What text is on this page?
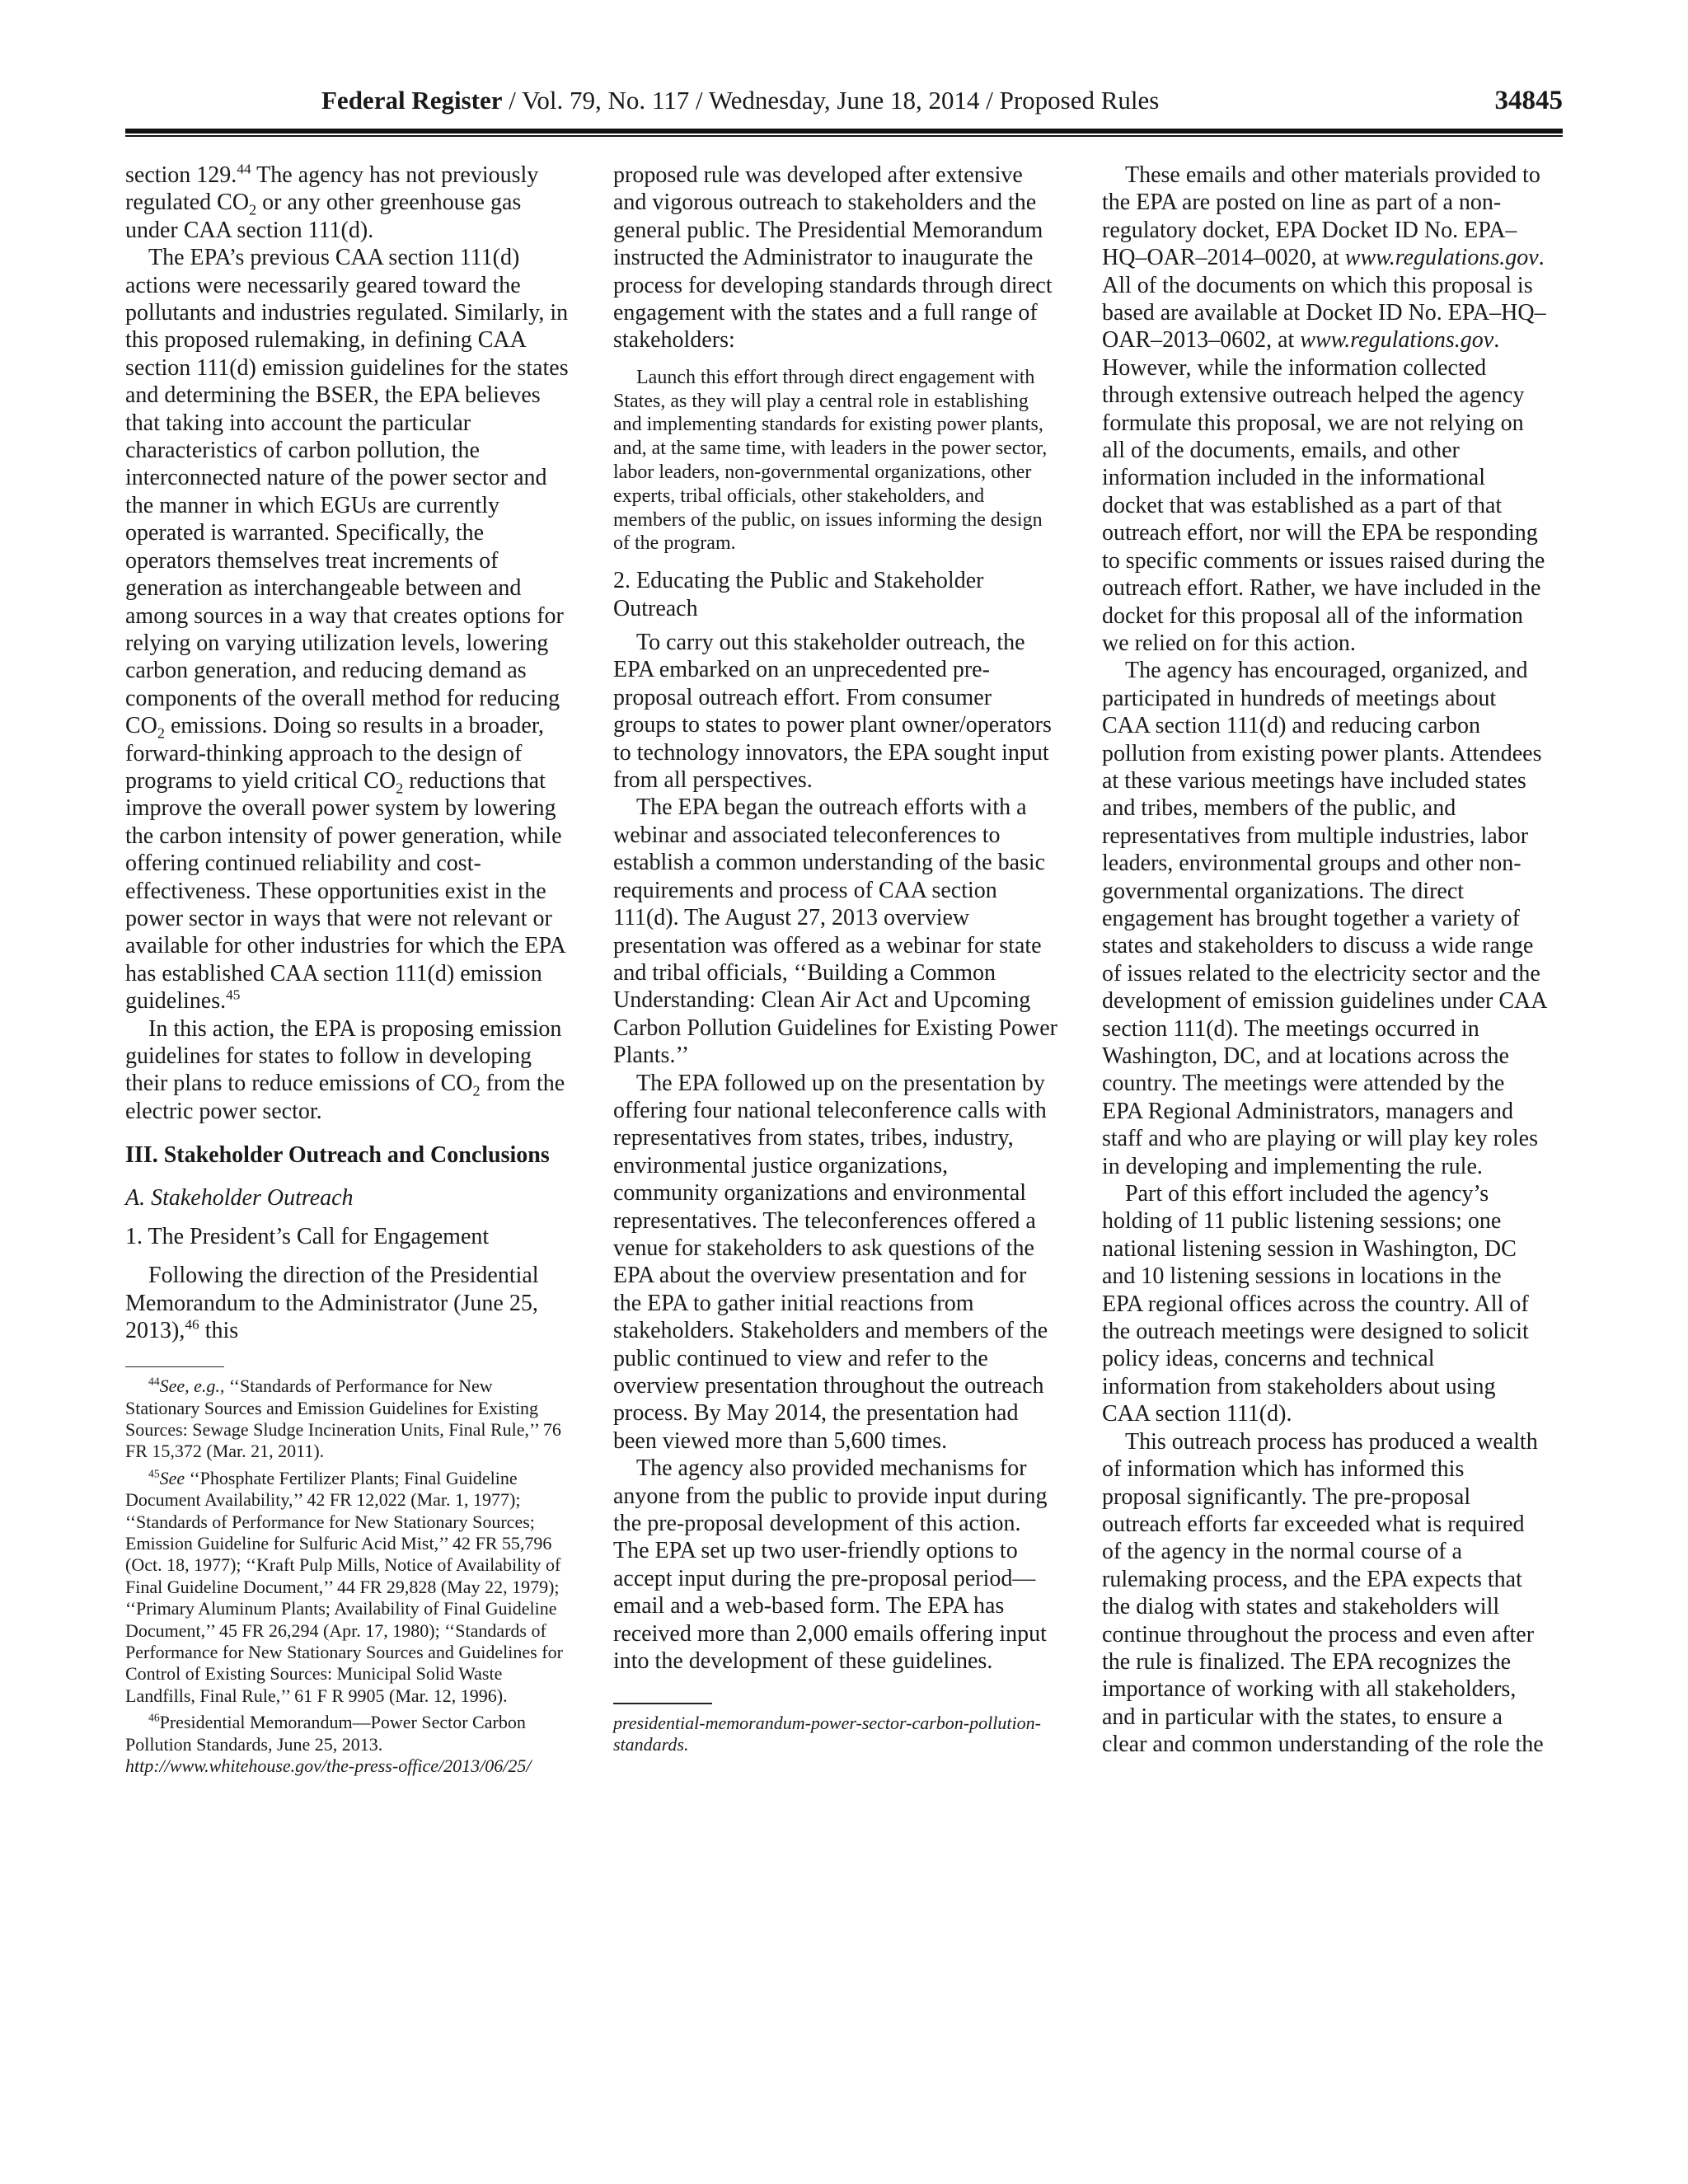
Federal Register / Vol. 79, No. 117 / Wednesday, June 18, 2014 / Proposed Rules	34845

section 129.44 The agency has not previously regulated $CO_2$ or any other greenhouse gas under CAA section 111(d).

The EPA’s previous CAA section 111(d) actions were necessarily geared toward the pollutants and industries regulated. Similarly, in this proposed rulemaking, in defining CAA section 111(d) emission guidelines for the states and determining the BSER, the EPA believes that taking into account the particular characteristics of carbon pollution, the interconnected nature of the power sector and the manner in which EGUs are currently operated is warranted. Specifically, the operators themselves treat increments of generation as interchangeable between and among sources in a way that creates options for relying on varying utilization levels, lowering carbon generation, and reducing demand as components of the overall method for reducing $CO_2$ emissions. Doing so results in a broader, forward-thinking approach to the design of programs to yield critical $CO_2$ reductions that improve the overall power system by lowering the carbon intensity of power generation, while offering continued reliability and cost-effectiveness. These opportunities exist in the power sector in ways that were not relevant or available for other industries for which the EPA has established CAA section 111(d) emission guidelines.$^{45}$

In this action, the EPA is proposing emission guidelines for states to follow in developing their plans to reduce emissions of $CO_2$ from the electric power sector.

III. Stakeholder Outreach and Conclusions

A. Stakeholder Outreach

1. The President’s Call for Engagement

Following the direction of the Presidential Memorandum to the Administrator (June 25, 2013),$^{46}$ this

$^{44}$See, e.g., ‘‘Standards of Performance for New Stationary Sources and Emission Guidelines for Existing Sources: Sewage Sludge Incineration Units, Final Rule,’’ 76 FR 15,372 (Mar. 21, 2011).

$^{45}$See ‘‘Phosphate Fertilizer Plants; Final Guideline Document Availability,’’ 42 FR 12,022 (Mar. 1, 1977); ‘‘Standards of Performance for New Stationary Sources; Emission Guideline for Sulfuric Acid Mist,’’ 42 FR 55,796 (Oct. 18, 1977); ‘‘Kraft Pulp Mills, Notice of Availability of Final Guideline Document,’’ 44 FR 29,828 (May 22, 1979); ‘‘Primary Aluminum Plants; Availability of Final Guideline Document,’’ 45 FR 26,294 (Apr. 17, 1980); ‘‘Standards of Performance for New Stationary Sources and Guidelines for Control of Existing Sources: Municipal Solid Waste Landfills, Final Rule,’’ 61 F R 9905 (Mar. 12, 1996).

$^{46}$Presidential Memorandum—Power Sector Carbon Pollution Standards, June 25, 2013. http://www.whitehouse.gov/the-press-office/2013/06/25/

proposed rule was developed after extensive and vigorous outreach to stakeholders and the general public. The Presidential Memorandum instructed the Administrator to inaugurate the process for developing standards through direct engagement with the states and a full range of stakeholders:

Launch this effort through direct engagement with States, as they will play a central role in establishing and implementing standards for existing power plants, and, at the same time, with leaders in the power sector, labor leaders, non-governmental organizations, other experts, tribal officials, other stakeholders, and members of the public, on issues informing the design of the program.

2. Educating the Public and Stakeholder Outreach

To carry out this stakeholder outreach, the EPA embarked on an unprecedented pre-proposal outreach effort. From consumer groups to states to power plant owner/operators to technology innovators, the EPA sought input from all perspectives.

The EPA began the outreach efforts with a webinar and associated teleconferences to establish a common understanding of the basic requirements and process of CAA section 111(d). The August 27, 2013 overview presentation was offered as a webinar for state and tribal officials, ‘‘Building a Common Understanding: Clean Air Act and Upcoming Carbon Pollution Guidelines for Existing Power Plants.’’

The EPA followed up on the presentation by offering four national teleconference calls with representatives from states, tribes, industry, environmental justice organizations, community organizations and environmental representatives. The teleconferences offered a venue for stakeholders to ask questions of the EPA about the overview presentation and for the EPA to gather initial reactions from stakeholders. Stakeholders and members of the public continued to view and refer to the overview presentation throughout the outreach process. By May 2014, the presentation had been viewed more than 5,600 times.

The agency also provided mechanisms for anyone from the public to provide input during the pre-proposal development of this action. The EPA set up two user-friendly options to accept input during the pre-proposal period—email and a web-based form. The EPA has received more than 2,000 emails offering input into the development of these guidelines.

presidential-memorandum-power-sector-carbon-pollution-standards.

These emails and other materials provided to the EPA are posted on line as part of a non-regulatory docket, EPA Docket ID No. EPA–HQ–OAR–2014–0020, at www.regulations.gov. All of the documents on which this proposal is based are available at Docket ID No. EPA–HQ–OAR–2013–0602, at www.regulations.gov. However, while the information collected through extensive outreach helped the agency formulate this proposal, we are not relying on all of the documents, emails, and other information included in the informational docket that was established as a part of that outreach effort, nor will the EPA be responding to specific comments or issues raised during the outreach effort. Rather, we have included in the docket for this proposal all of the information we relied on for this action.

The agency has encouraged, organized, and participated in hundreds of meetings about CAA section 111(d) and reducing carbon pollution from existing power plants. Attendees at these various meetings have included states and tribes, members of the public, and representatives from multiple industries, labor leaders, environmental groups and other non-governmental organizations. The direct engagement has brought together a variety of states and stakeholders to discuss a wide range of issues related to the electricity sector and the development of emission guidelines under CAA section 111(d). The meetings occurred in Washington, DC, and at locations across the country. The meetings were attended by the EPA Regional Administrators, managers and staff and who are playing or will play key roles in developing and implementing the rule.

Part of this effort included the agency’s holding of 11 public listening sessions; one national listening session in Washington, DC and 10 listening sessions in locations in the EPA regional offices across the country. All of the outreach meetings were designed to solicit policy ideas, concerns and technical information from stakeholders about using CAA section 111(d).

This outreach process has produced a wealth of information which has informed this proposal significantly. The pre-proposal outreach efforts far exceeded what is required of the agency in the normal course of a rulemaking process, and the EPA expects that the dialog with states and stakeholders will continue throughout the process and even after the rule is finalized. The EPA recognizes the importance of working with all stakeholders, and in particular with the states, to ensure a clear and common understanding of the role the
